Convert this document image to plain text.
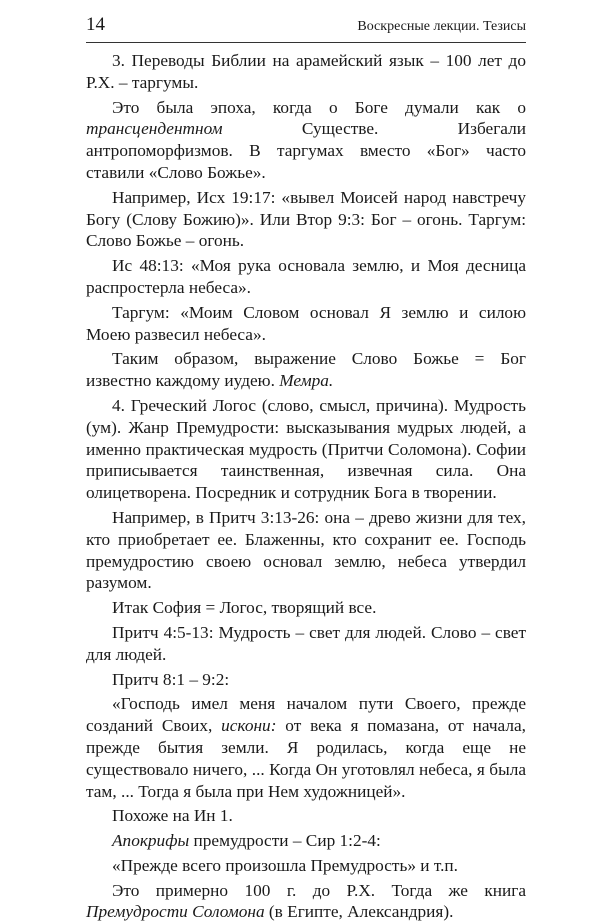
14	Воскресные лекции. Тезисы

3. Переводы Библии на арамейский язык – 100 лет до Р.Х. – таргумы.

Это была эпоха, когда о Боге думали как о трансцендентном Существе. Избегали антропоморфизмов. В таргумах вместо «Бог» часто ставили «Слово Божье».

Например, Исх 19:17: «вывел Моисей народ навстречу Богу (Слову Божию)». Или Втор 9:3: Бог – огонь. Таргум: Слово Божье – огонь.

Ис 48:13: «Моя рука основала землю, и Моя десница распростерла небеса».

Таргум: «Моим Словом основал Я землю и силою Моею развесил небеса».

Таким образом, выражение Слово Божье = Бог известно каждому иудею. Мемра.

4. Греческий Логос (слово, смысл, причина). Мудрость (ум). Жанр Премудрости: высказывания мудрых людей, а именно практическая мудрость (Притчи Соломона). Софии приписывается таинственная, извечная сила. Она олицетворена. Посредник и сотрудник Бога в творении.

Например, в Притч 3:13-26: она – древо жизни для тех, кто приобретает ее. Блаженны, кто сохранит ее. Господь премудростию своею основал землю, небеса утвердил разумом.

Итак София = Логос, творящий все.

Притч 4:5-13: Мудрость – свет для людей. Слово – свет для людей.

Притч 8:1 – 9:2:

«Господь имел меня началом пути Своего, прежде созданий Своих, искони: от века я помазана, от начала, прежде бытия земли. Я родилась, когда еще не существовало ничего, ... Когда Он уготовлял небеса, я была там, ... Тогда я была при Нем художницей».

Похоже на Ин 1.

Апокрифы премудрости – Сир 1:2-4:

«Прежде всего произошла Премудрость» и т.п.

Это примерно 100 г. до Р.Х. Тогда же книга Премудрости Соломона (в Египте, Александрия).
